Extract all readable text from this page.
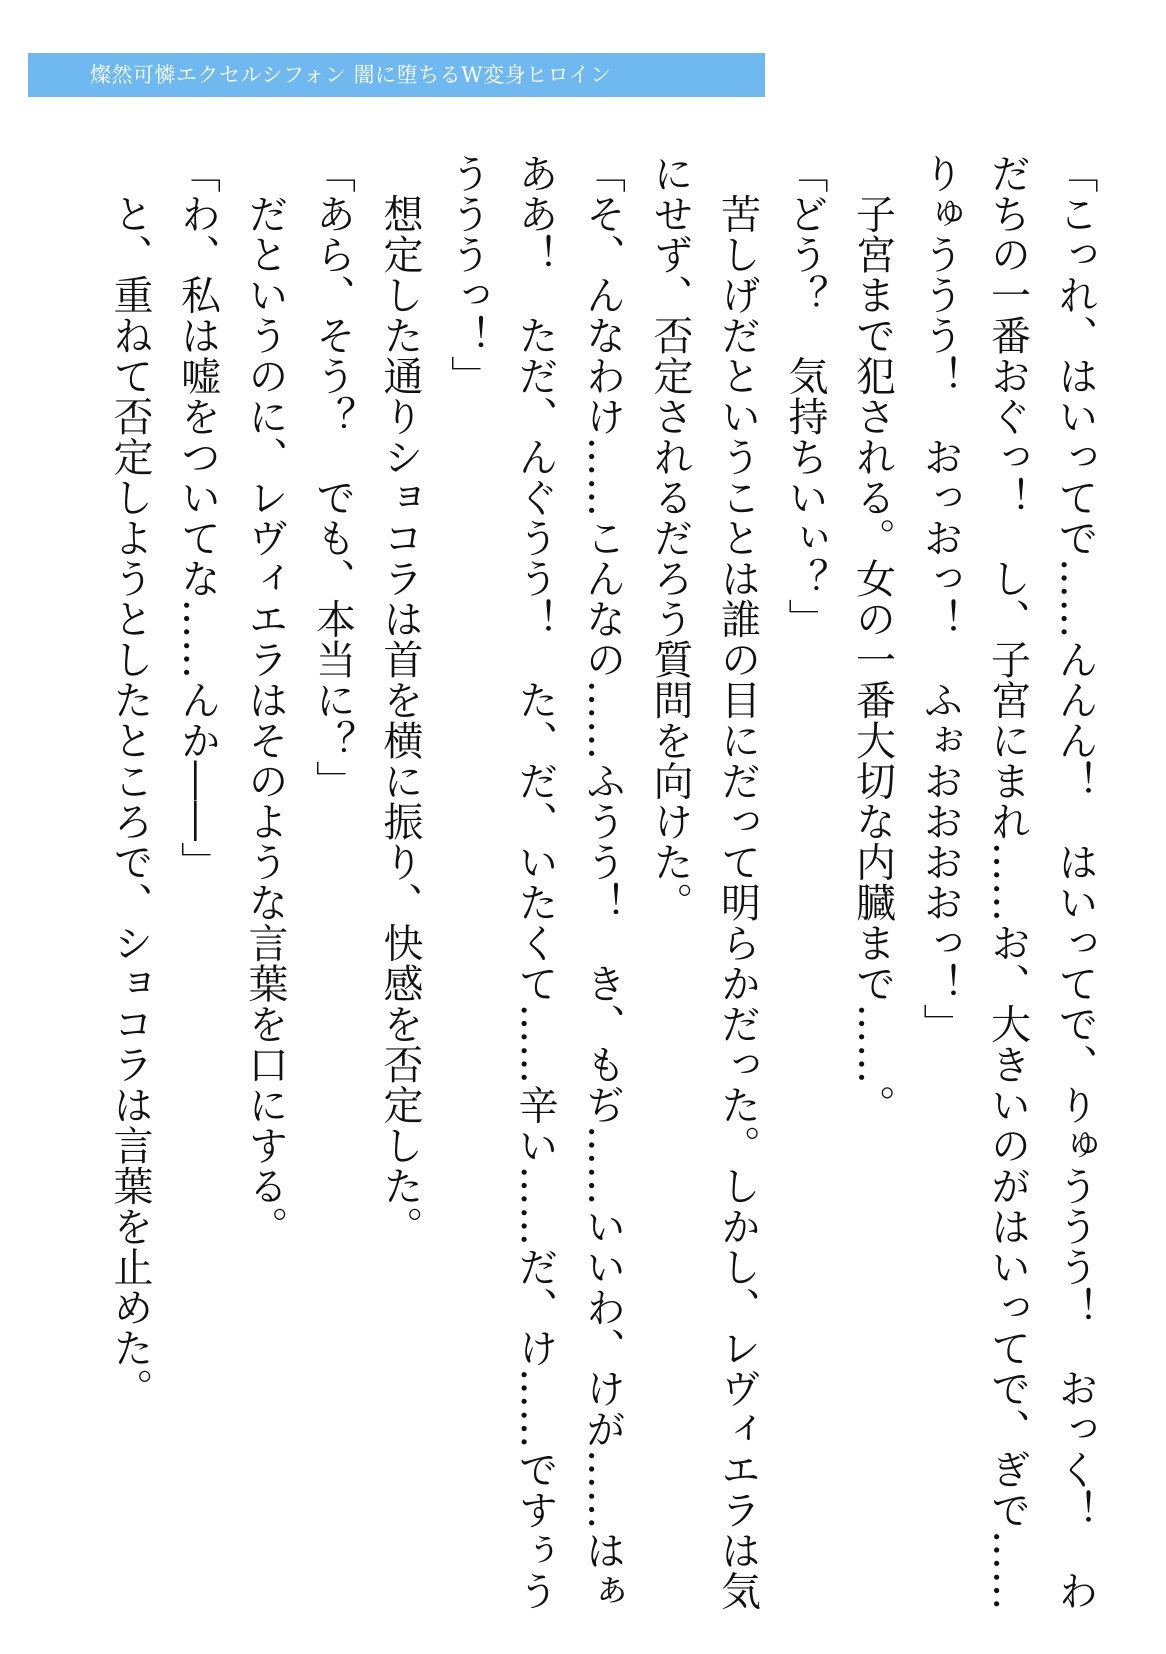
燦然可憐エクセルシフォン 闇に堕ちるW変身ヒロイン

「こっれ、はいってで……んんん！　はいってで、りゅううう！　おっく！　わだちの一番おぐっ！　し、子宮にまれ……お、大きいのがはいってで、ぎで……りゅううう！　おっおっ！　ふぉおおおおっ！」

　子宮まで犯される。女の一番大切な内臓まで……。

「どう？　気持ちいぃ？」

　苦しげだということは誰の目にだって明らかだった。しかし、レヴィエラは気にせず、否定されるだろう質問を向けた。

「そ、んなわけ……こんなの……ふうう！　き、もぢ……いいわ、けが……はぁああ！　ただ、んぐうう！　た、だ、いたくて……辛い……だ、け……ですぅううううっ！」

　想定した通りショコラは首を横に振り、快感を否定した。

「あら、そう？　でも、本当に？」

　だというのに、レヴィエラはそのような言葉を口にする。

「わ、私は嘘をついてな……んか――」

　と、重ねて否定しようとしたところで、ショコラは言葉を止めた。
